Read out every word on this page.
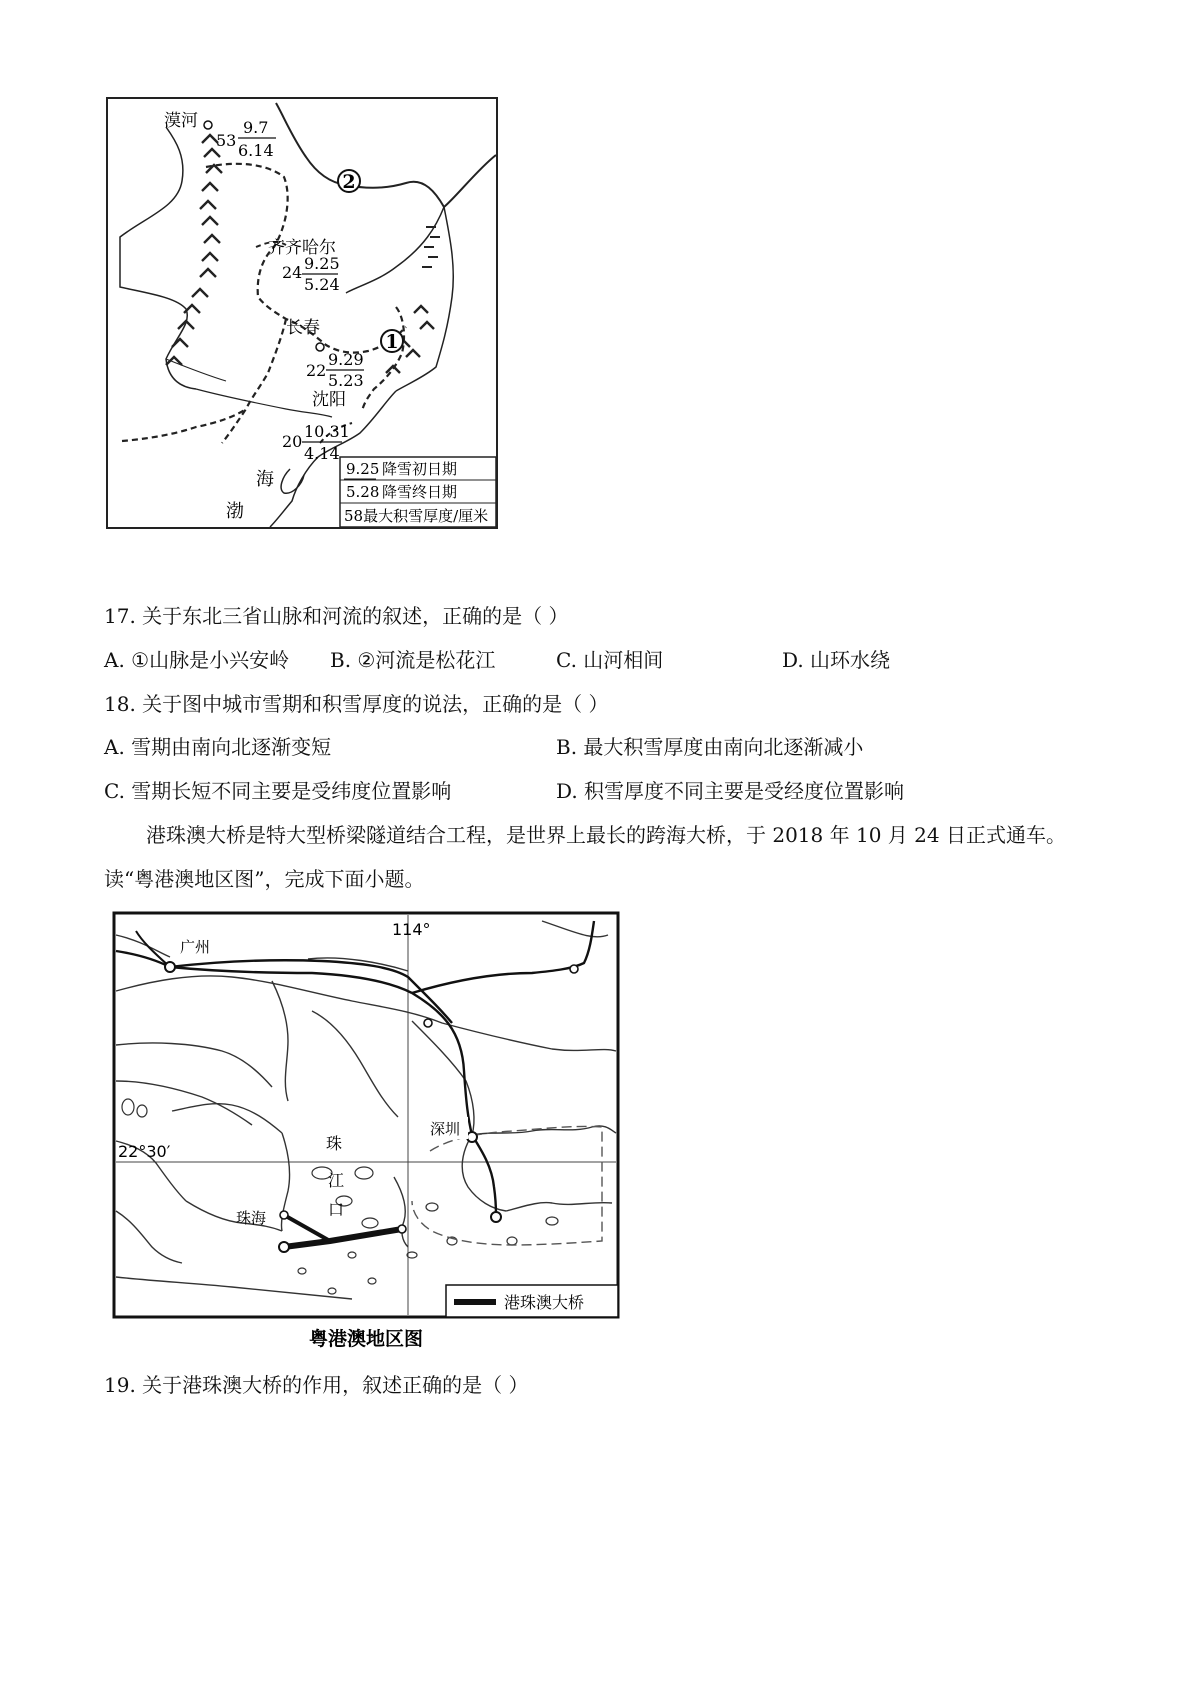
2
1
漠河
53
9.7
6.14
齐齐哈尔
24 9.25
5.24
长春
22
9.29
5.23
沈阳
20
10.31
4.14
海
渤
9.25 降雪初日期
5.28 降雪终日期
58最大积雪厚度/厘米
17. 关于东北三省山脉和河流的叙述，正确的是（ ）
A. ①山脉是小兴安岭 B. ②河流是松花江	C. 山河相间	D. 山环水绕
18. 关于图中城市雪期和积雪厚度的说法，正确的是（ ）
A. 雪期由南向北逐渐变短	B. 最大积雪厚度由南向北逐渐减小
C. 雪期长短不同主要是受纬度位置影响	D. 积雪厚度不同主要是受经度位置影响
港珠澳大桥是特大型桥梁隧道结合工程，是世界上最长的跨海大桥，于 2018 年 10 月 24 日正式通车。
读“粤港澳地区图”，完成下面小题。
114°
22°30′
广州
深圳
珠海
珠
江
口
港珠澳大桥
粤港澳地区图
19. 关于港珠澳大桥的作用，叙述正确的是（ ）
